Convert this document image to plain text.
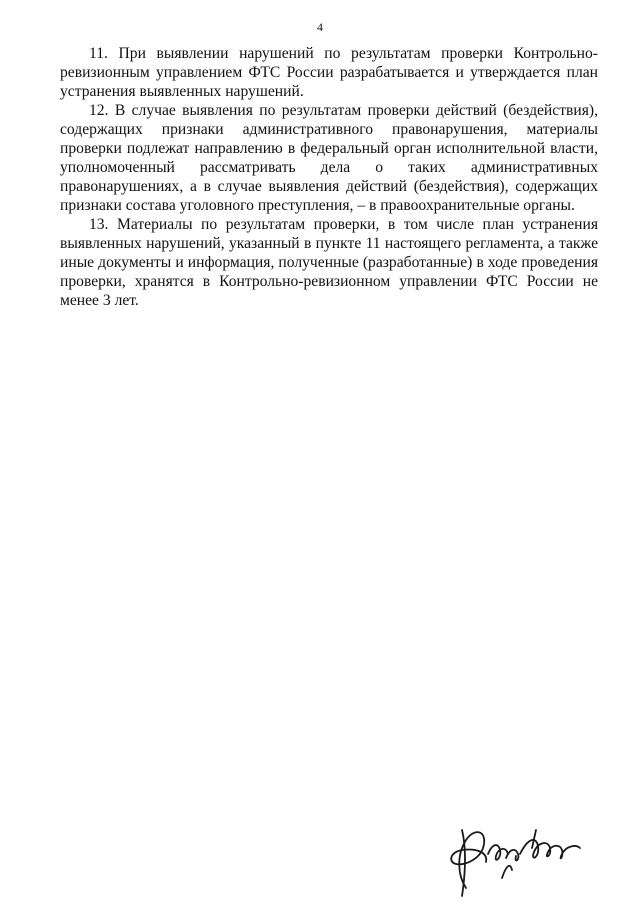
4

11. При выявлении нарушений по результатам проверки Контрольно-ревизионным управлением ФТС России разрабатывается и утверждается план устранения выявленных нарушений.

12. В случае выявления по результатам проверки действий (бездействия), содержащих признаки административного правонарушения, материалы проверки подлежат направлению в федеральный орган исполнительной власти, уполномоченный рассматривать дела о таких административных правонарушениях, а в случае выявления действий (бездействия), содержащих признаки состава уголовного преступления, – в правоохранительные органы.

13. Материалы по результатам проверки, в том числе план устранения выявленных нарушений, указанный в пункте 11 настоящего регламента, а также иные документы и информация, полученные (разработанные) в ходе проведения проверки, хранятся в Контрольно-ревизионном управлении ФТС России не менее 3 лет.
